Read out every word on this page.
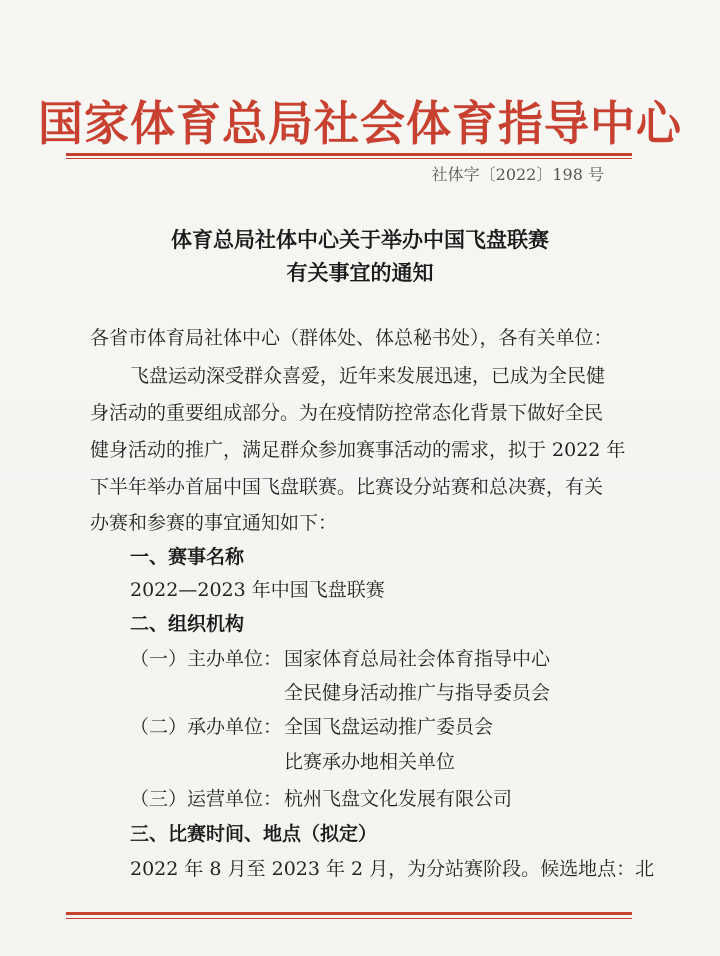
国家体育总局社会体育指导中心
社体字〔2022〕198 号
体育总局社体中心关于举办中国飞盘联赛
有关事宜的通知
各省市体育局社体中心（群体处、体总秘书处），各有关单位：
飞盘运动深受群众喜爱，近年来发展迅速，已成为全民健
身活动的重要组成部分。为在疫情防控常态化背景下做好全民
健身活动的推广，满足群众参加赛事活动的需求，拟于 2022 年
下半年举办首届中国飞盘联赛。比赛设分站赛和总决赛，有关
办赛和参赛的事宜通知如下：
一、赛事名称
2022—2023 年中国飞盘联赛
二、组织机构
（一）主办单位： 国家体育总局社会体育指导中心
全民健身活动推广与指导委员会
（二）承办单位： 全国飞盘运动推广委员会
比赛承办地相关单位
（三）运营单位： 杭州飞盘文化发展有限公司
三、比赛时间、地点（拟定）
2022 年 8 月至 2023 年 2 月，为分站赛阶段。候选地点：北
